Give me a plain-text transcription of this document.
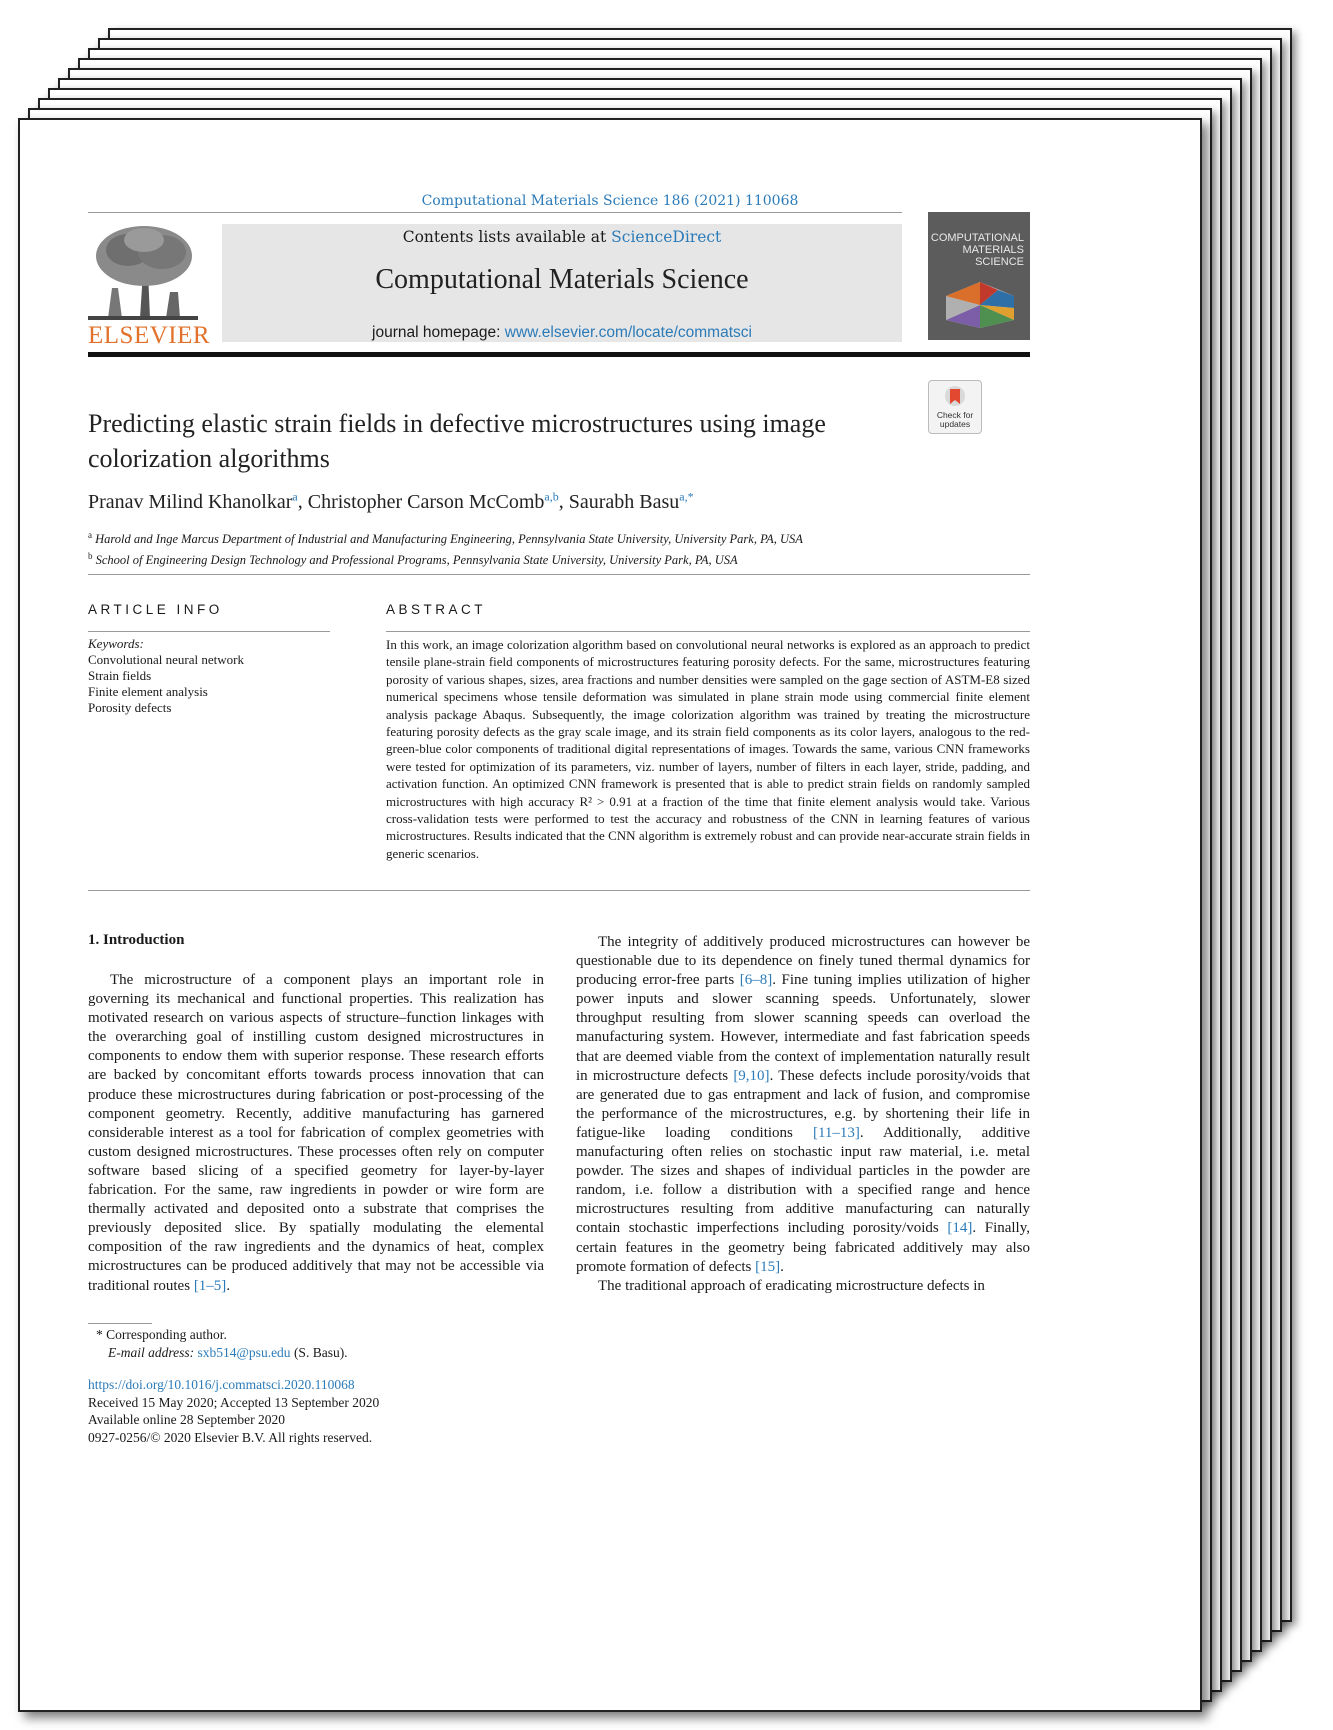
Computational Materials Science 186 (2021) 110068
ELSEVIER
Contents lists available at ScienceDirect
Computational Materials Science
journal homepage: www.elsevier.com/locate/commatsci
COMPUTATIONAL
MATERIALS
SCIENCE
Check for
updates
Predicting elastic strain fields in defective microstructures using image colorization algorithms
Pranav Milind Khanolkar$^a$, Christopher Carson McComb$^{a,b}$, Saurabh Basu$^{a,*}$
$^a$ Harold and Inge Marcus Department of Industrial and Manufacturing Engineering, Pennsylvania State University, University Park, PA, USA
$^b$ School of Engineering Design Technology and Professional Programs, Pennsylvania State University, University Park, PA, USA
ARTICLE INFO
Keywords:
Convolutional neural network
Strain fields
Finite element analysis
Porosity defects
ABSTRACT
In this work, an image colorization algorithm based on convolutional neural networks is explored as an approach to predict tensile plane-strain field components of microstructures featuring porosity defects. For the same, microstructures featuring porosity of various shapes, sizes, area fractions and number densities were sampled on the gage section of ASTM-E8 sized numerical specimens whose tensile deformation was simulated in plane strain mode using commercial finite element analysis package Abaqus. Subsequently, the image colorization algorithm was trained by treating the microstructure featuring porosity defects as the gray scale image, and its strain field components as its color layers, analogous to the red-green-blue color components of traditional digital representations of images. Towards the same, various CNN frameworks were tested for optimization of its parameters, viz. number of layers, number of filters in each layer, stride, padding, and activation function. An optimized CNN framework is presented that is able to predict strain fields on randomly sampled microstructures with high accuracy R² > 0.91 at a fraction of the time that finite element analysis would take. Various cross-validation tests were performed to test the accuracy and robustness of the CNN in learning features of various microstructures. Results indicated that the CNN algorithm is extremely robust and can provide near-accurate strain fields in generic scenarios.
1. Introduction

The microstructure of a component plays an important role in governing its mechanical and functional properties. This realization has motivated research on various aspects of structure–function linkages with the overarching goal of instilling custom designed microstructures in components to endow them with superior response. These research efforts are backed by concomitant efforts towards process innovation that can produce these microstructures during fabrication or post-processing of the component geometry. Recently, additive manufacturing has garnered considerable interest as a tool for fabrication of complex geometries with custom designed microstructures. These processes often rely on computer software based slicing of a specified geometry for layer-by-layer fabrication. For the same, raw ingredients in powder or wire form are thermally activated and deposited onto a substrate that comprises the previously deposited slice. By spatially modulating the elemental composition of the raw ingredients and the dynamics of heat, complex microstructures can be produced additively that may not be accessible via traditional routes [1–5].

The integrity of additively produced microstructures can however be questionable due to its dependence on finely tuned thermal dynamics for producing error-free parts [6–8]. Fine tuning implies utilization of higher power inputs and slower scanning speeds. Unfortunately, slower throughput resulting from slower scanning speeds can overload the manufacturing system. However, intermediate and fast fabrication speeds that are deemed viable from the context of implementation naturally result in microstructure defects [9,10]. These defects include porosity/voids that are generated due to gas entrapment and lack of fusion, and compromise the performance of the microstructures, e.g. by shortening their life in fatigue-like loading conditions [11–13]. Additionally, additive manufacturing often relies on stochastic input raw material, i.e. metal powder. The sizes and shapes of individual particles in the powder are random, i.e. follow a distribution with a specified range and hence microstructures resulting from additive manufacturing can naturally contain stochastic imperfections including porosity/voids [14]. Finally, certain features in the geometry being fabricated additively may also promote formation of defects [15].

The traditional approach of eradicating microstructure defects in

* Corresponding author.
E-mail address: sxb514@psu.edu (S. Basu).
https://doi.org/10.1016/j.commatsci.2020.110068
Received 15 May 2020; Accepted 13 September 2020
Available online 28 September 2020
0927-0256/© 2020 Elsevier B.V. All rights reserved.
